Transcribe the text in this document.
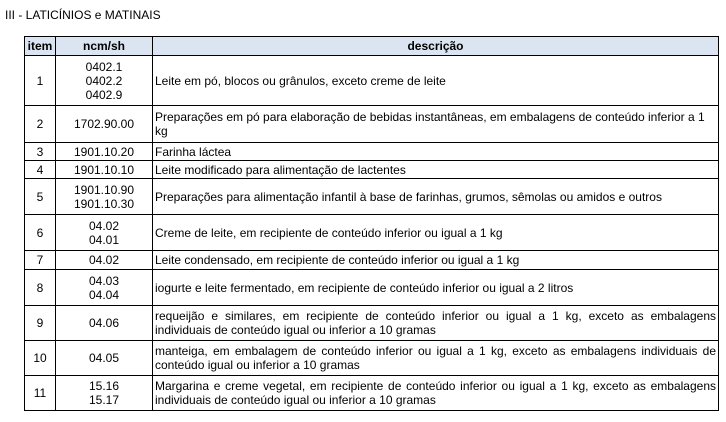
III - LATICÍNIOS e MATINAIS
item	ncm/sh	descrição
1	0402.1
0402.2
0402.9	Leite em pó, blocos ou grânulos, exceto creme de leite
2	1702.90.00	Preparações em pó para elaboração de bebidas instantâneas, em embalagens de conteúdo inferior a 1 kg
3	1901.10.20	Farinha láctea
4	1901.10.10	Leite modificado para alimentação de lactentes
5	1901.10.90
1901.10.30	Preparações para alimentação infantil à base de farinhas, grumos, sêmolas ou amidos e outros
6	04.02
04.01	Creme de leite, em recipiente de conteúdo inferior ou igual a 1 kg
7	04.02	Leite condensado, em recipiente de conteúdo inferior ou igual a 1 kg
8	04.03
04.04	iogurte e leite fermentado, em recipiente de conteúdo inferior ou igual a 2 litros
9	04.06	requeijão e similares, em recipiente de conteúdo inferior ou igual a 1 kg, exceto as embalagens individuais de conteúdo igual ou inferior a 10 gramas
10	04.05	manteiga, em embalagem de conteúdo inferior ou igual a 1 kg, exceto as embalagens individuais de conteúdo igual ou inferior a 10 gramas
11	15.16
15.17	Margarina e creme vegetal, em recipiente de conteúdo inferior ou igual a 1 kg, exceto as embalagens individuais de conteúdo igual ou inferior a 10 gramas
